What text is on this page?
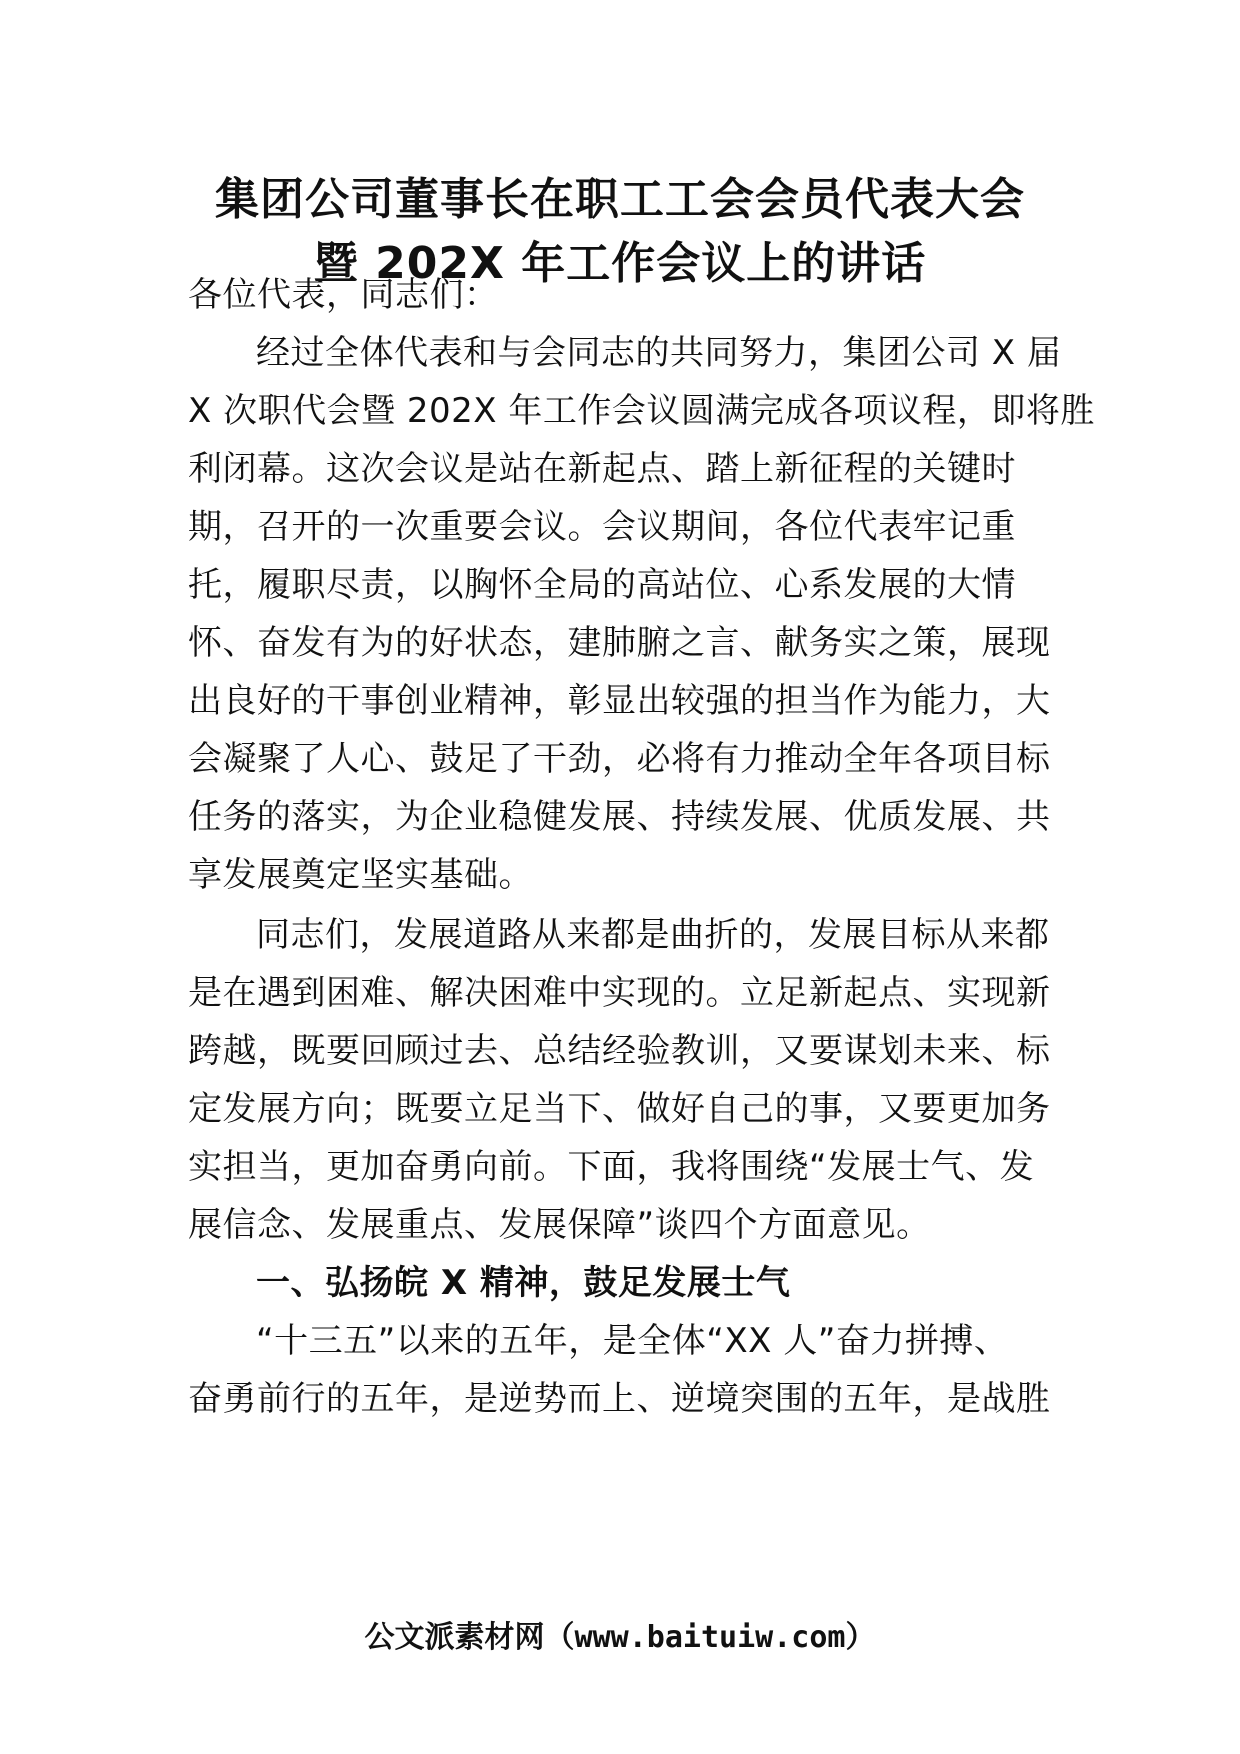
集团公司董事长在职工工会会员代表大会
暨 202X 年工作会议上的讲话
各位代表，同志们：
经过全体代表和与会同志的共同努力，集团公司 X 届
X 次职代会暨 202X 年工作会议圆满完成各项议程，即将胜
利闭幕。这次会议是站在新起点、踏上新征程的关键时
期，召开的一次重要会议。会议期间，各位代表牢记重
托，履职尽责，以胸怀全局的高站位、心系发展的大情
怀、奋发有为的好状态，建肺腑之言、献务实之策，展现
出良好的干事创业精神，彰显出较强的担当作为能力，大
会凝聚了人心、鼓足了干劲，必将有力推动全年各项目标
任务的落实，为企业稳健发展、持续发展、优质发展、共
享发展奠定坚实基础。
同志们，发展道路从来都是曲折的，发展目标从来都
是在遇到困难、解决困难中实现的。立足新起点、实现新
跨越，既要回顾过去、总结经验教训，又要谋划未来、标
定发展方向；既要立足当下、做好自己的事，又要更加务
实担当，更加奋勇向前。下面，我将围绕“发展士气、发
展信念、发展重点、发展保障”谈四个方面意见。
一、弘扬皖 X 精神，鼓足发展士气
“十三五”以来的五年，是全体“XX 人”奋力拼搏、
奋勇前行的五年，是逆势而上、逆境突围的五年，是战胜
公文派素材网（www.baituiw.com）
